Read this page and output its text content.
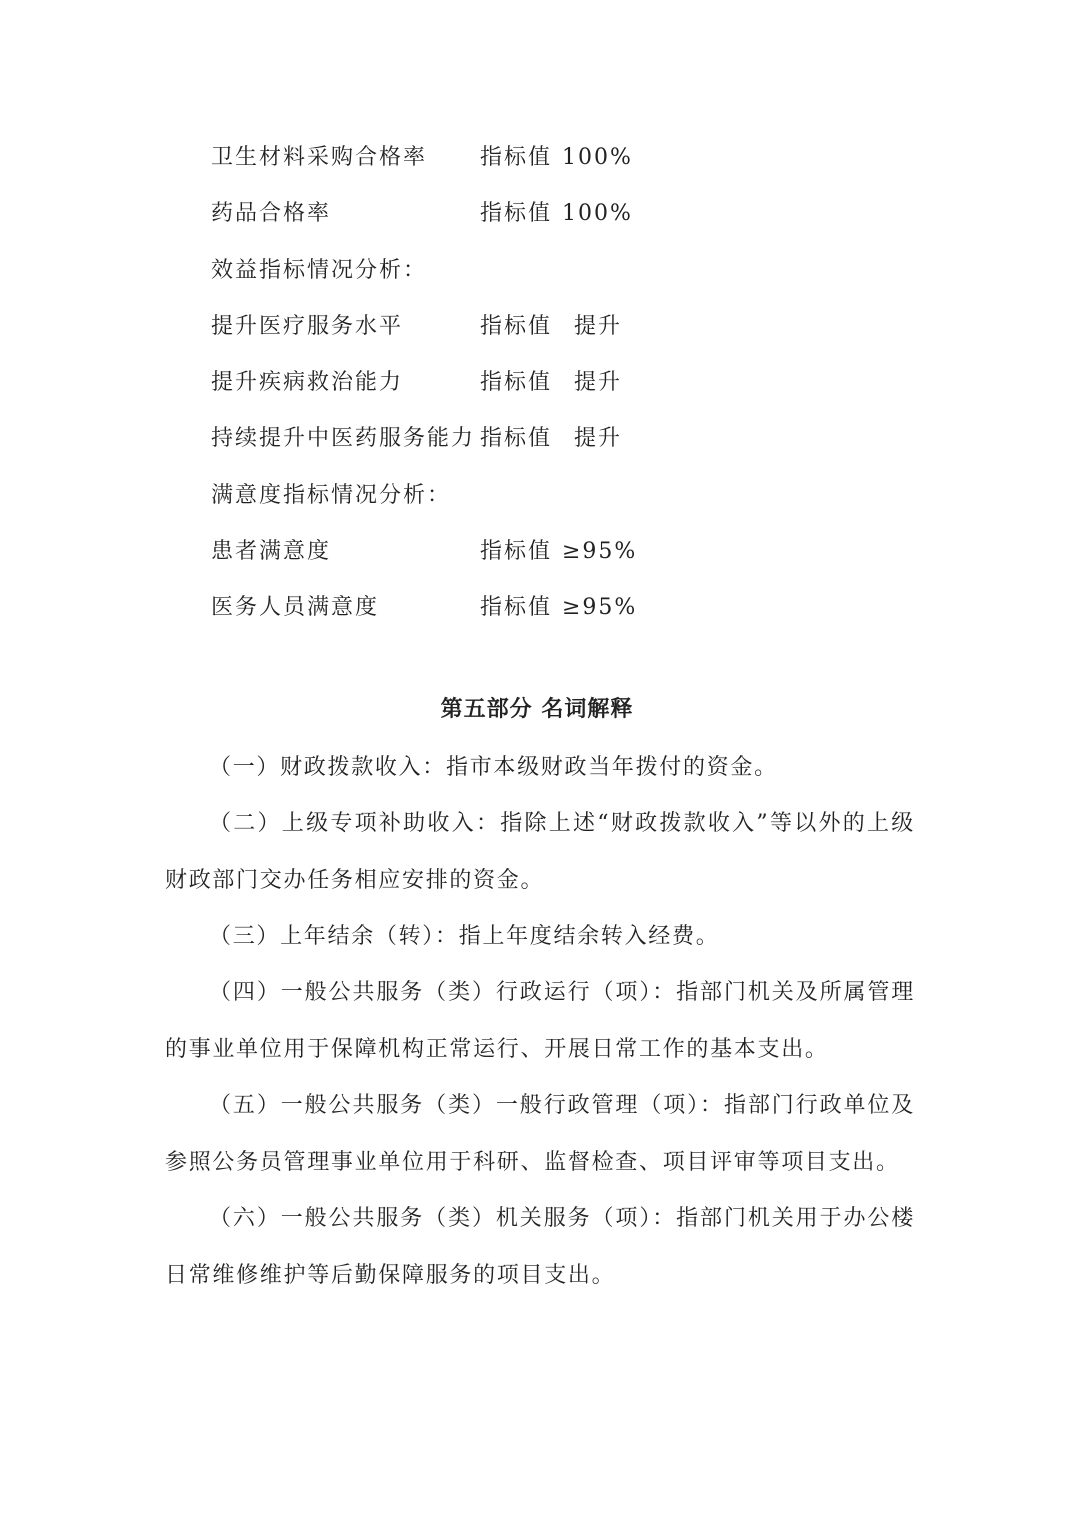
卫生材料采购合格率 指标值 100%
药品合格率	指标值 100%
效益指标情况分析：
提升医疗服务水平	指标值 提升
提升疾病救治能力	指标值 提升
持续提升中医药服务能力 指标值 提升
满意度指标情况分析：
患者满意度	指标值 ≥95%
医务人员满意度	指标值 ≥95%
第五部分 名词解释
（一）财政拨款收入：指市本级财政当年拨付的资金。
（二）上级专项补助收入：指除上述“财政拨款收入”等以外的上级财政部门交办任务相应安排的资金。
（三）上年结余（转）：指上年度结余转入经费。
（四）一般公共服务（类）行政运行（项）：指部门机关及所属管理的事业单位用于保障机构正常运行、开展日常工作的基本支出。
（五）一般公共服务（类）一般行政管理（项）：指部门行政单位及参照公务员管理事业单位用于科研、监督检查、项目评审等项目支出。
（六）一般公共服务（类）机关服务（项）：指部门机关用于办公楼日常维修维护等后勤保障服务的项目支出。
